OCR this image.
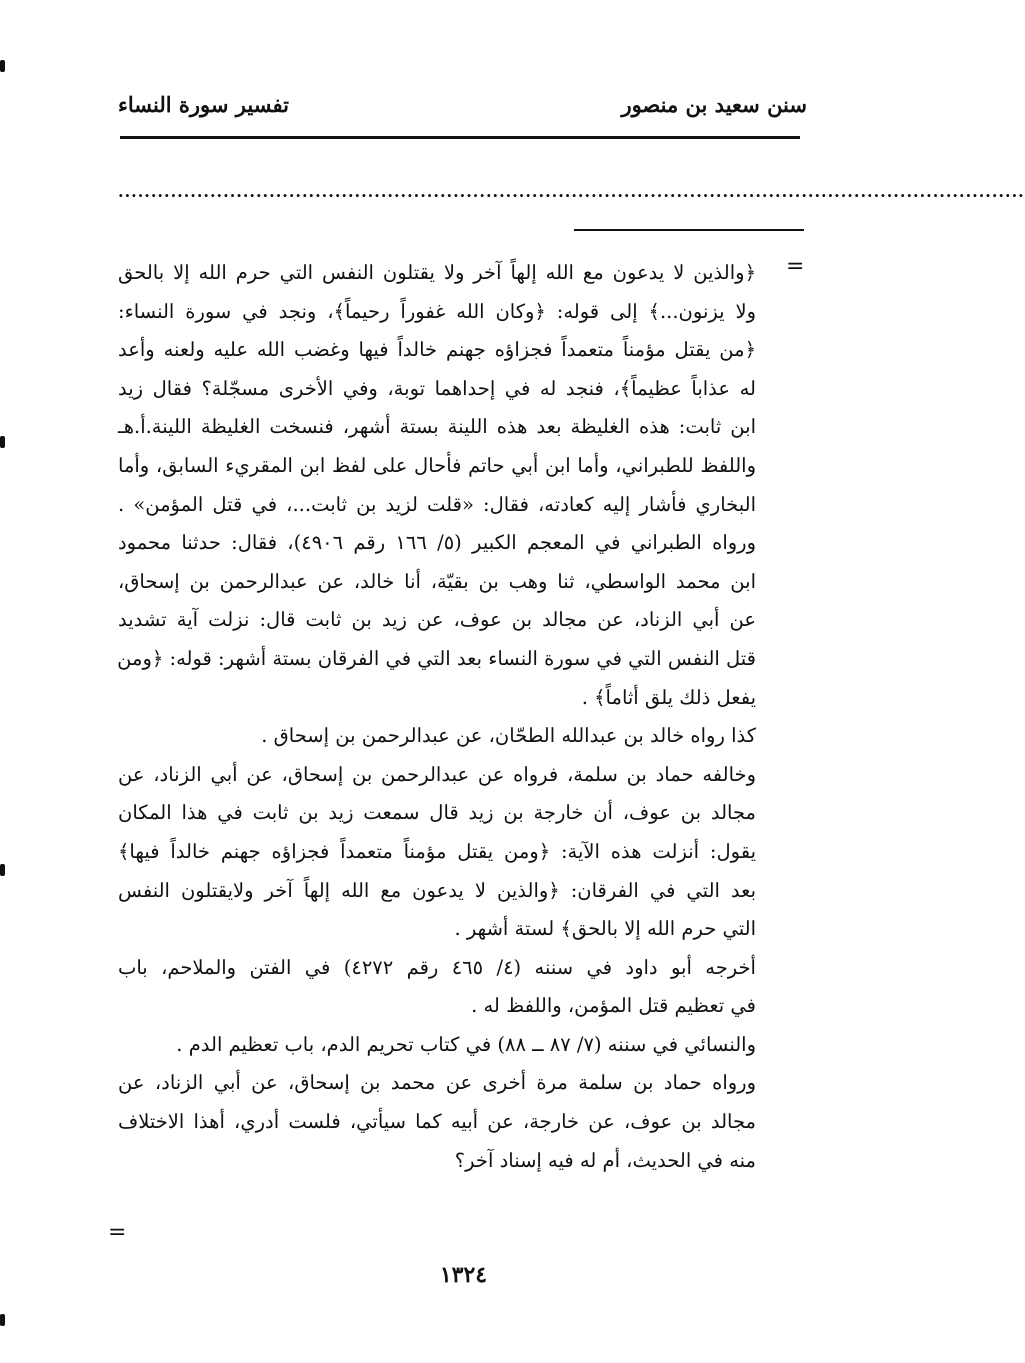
سنن سعيد بن منصور
تفسير سورة النساء
..........................................................................................................................................
=
=
﴿والذين لا يدعون مع الله إلهاً آخر ولا يقتلون النفس التي حرم الله إلا بالحق
ولا يزنون...﴾ إلى قوله: ﴿وكان الله غفوراً رحيماً﴾، ونجد في سورة النساء:
﴿من يقتل مؤمناً متعمداً فجزاؤه جهنم خالداً فيها وغضب الله عليه ولعنه وأعد
له عذاباً عظيماً﴾، فنجد له في إحداهما توبة، وفي الأخرى مسجّلة؟ فقال زيد
ابن ثابت: هذه الغليظة بعد هذه اللينة بستة أشهر، فنسخت الغليظة اللينة.أ.هـ
واللفظ للطبراني، وأما ابن أبي حاتم فأحال على لفظ ابن المقريء السابق، وأما
البخاري فأشار إليه كعادته، فقال: «قلت لزيد بن ثابت...، في قتل المؤمن» .
ورواه الطبراني في المعجم الكبير (٥/ ١٦٦ رقم ٤٩٠٦)، فقال: حدثنا محمود
ابن محمد الواسطي، ثنا وهب بن بقيّة، أنا خالد، عن عبدالرحمن بن إسحاق،
عن أبي الزناد، عن مجالد بن عوف، عن زيد بن ثابت قال: نزلت آية تشديد
قتل النفس التي في سورة النساء بعد التي في الفرقان بستة أشهر: قوله: ﴿ومن
يفعل ذلك يلق أثاماً﴾ .
كذا رواه خالد بن عبدالله الطحّان، عن عبدالرحمن بن إسحاق .
وخالفه حماد بن سلمة، فرواه عن عبدالرحمن بن إسحاق، عن أبي الزناد، عن
مجالد بن عوف، أن خارجة بن زيد قال سمعت زيد بن ثابت في هذا المكان
يقول: أنزلت هذه الآية: ﴿ومن يقتل مؤمناً متعمداً فجزاؤه جهنم خالداً فيها﴾
بعد التي في الفرقان: ﴿والذين لا يدعون مع الله إلهاً آخر ولايقتلون النفس
التي حرم الله إلا بالحق﴾ لستة أشهر .
أخرجه أبو داود في سننه (٤/ ٤٦٥ رقم ٤٢٧٢) في الفتن والملاحم، باب
في تعظيم قتل المؤمن، واللفظ له .
والنسائي في سننه (٧/ ٨٧ ــ ٨٨) في كتاب تحريم الدم، باب تعظيم الدم .
ورواه حماد بن سلمة مرة أخرى عن محمد بن إسحاق، عن أبي الزناد، عن
مجالد بن عوف، عن خارجة، عن أبيه كما سيأتي، فلست أدري، أهذا الاختلاف
منه في الحديث، أم له فيه إسناد آخر؟
١٣٢٤
